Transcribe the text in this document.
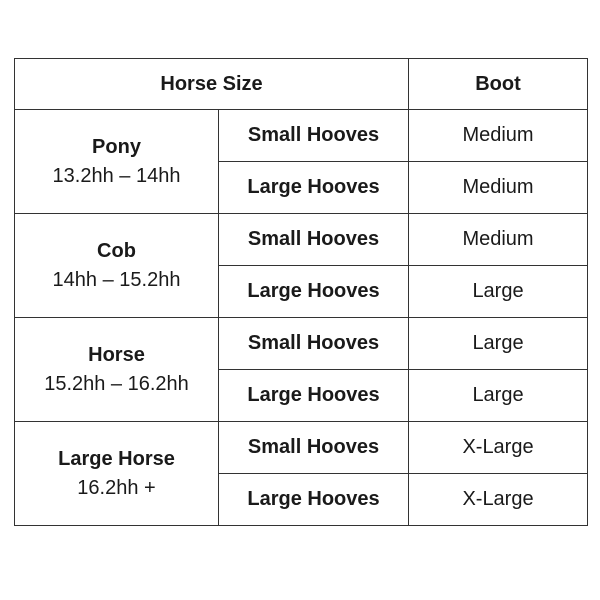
Horse Size		Boot

Pony
13.2hh – 14hh	Small Hooves	Medium
	Large Hooves	Medium

Cob
14hh – 15.2hh	Small Hooves	Medium
	Large Hooves	Large

Horse
15.2hh – 16.2hh	Small Hooves	Large
	Large Hooves	Large

Large Horse
16.2hh +	Small Hooves	X-Large
	Large Hooves	X-Large
